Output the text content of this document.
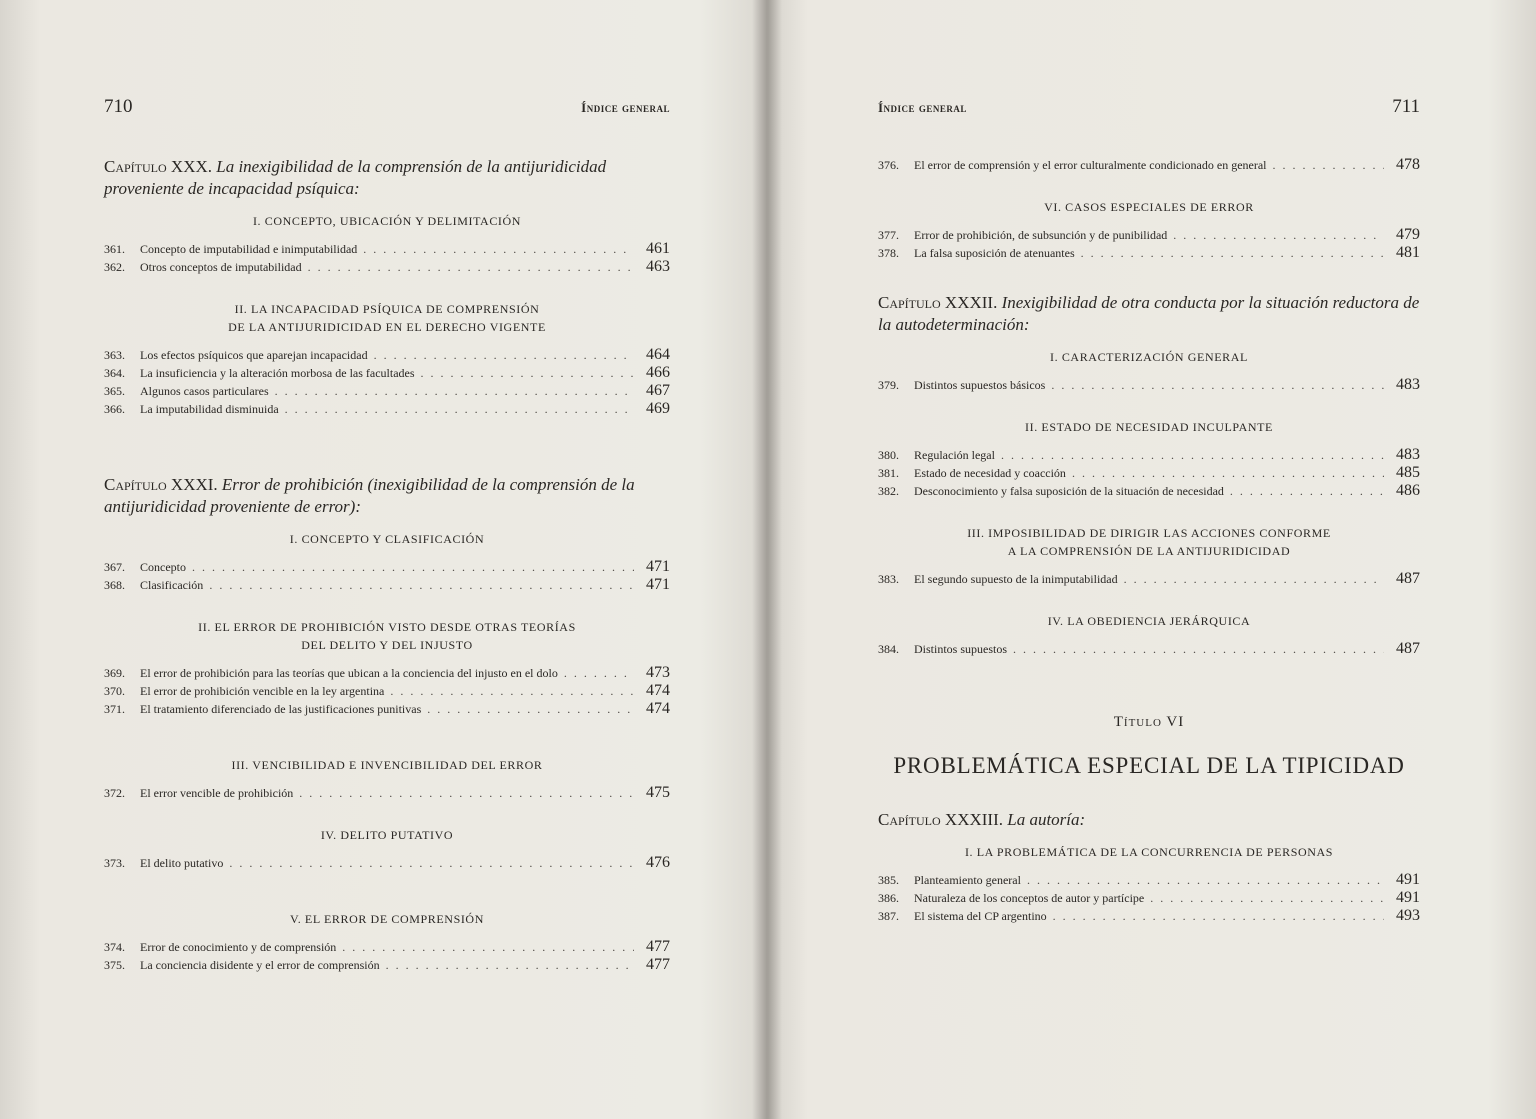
710	Índice general
Capítulo XXX. La inexigibilidad de la comprensión de la antijuridicidad proveniente de incapacidad psíquica:
I. CONCEPTO, UBICACIÓN Y DELIMITACIÓN
361.	Concepto de imputabilidad e inimputabilidad . . .	461
362.	Otros conceptos de imputabilidad . . .	463
II. LA INCAPACIDAD PSÍQUICA DE COMPRENSIÓN
DE LA ANTIJURIDICIDAD EN EL DERECHO VIGENTE
363.	Los efectos psíquicos que aparejan incapacidad . . .	464
364.	La insuficiencia y la alteración morbosa de las facultades . . .	466
365.	Algunos casos particulares . . .	467
366.	La imputabilidad disminuida . . .	469
Capítulo XXXI. Error de prohibición (inexigibilidad de la comprensión de la antijuridicidad proveniente de error):
I. CONCEPTO Y CLASIFICACIÓN
367.	Concepto . . .	471
368.	Clasificación . . .	471
II. EL ERROR DE PROHIBICIÓN VISTO DESDE OTRAS TEORÍAS
DEL DELITO Y DEL INJUSTO
369.	El error de prohibición para las teorías que ubican a la conciencia del injusto en el dolo . . .	473
370.	El error de prohibición vencible en la ley argentina . . .	474
371.	El tratamiento diferenciado de las justificaciones punitivas . . .	474
III. VENCIBILIDAD E INVENCIBILIDAD DEL ERROR
372.	El error vencible de prohibición . . .	475
IV. DELITO PUTATIVO
373.	El delito putativo . . .	476
V. EL ERROR DE COMPRENSIÓN
374.	Error de conocimiento y de comprensión . . .	477
375.	La conciencia disidente y el error de comprensión . . .	477
Índice general	711
376.	El error de comprensión y el error culturalmente condicionado en general . . .	478
VI. CASOS ESPECIALES DE ERROR
377.	Error de prohibición, de subsunción y de punibilidad . . .	479
378.	La falsa suposición de atenuantes . . .	481
Capítulo XXXII. Inexigibilidad de otra conducta por la situación reductora de la autodeterminación:
I. CARACTERIZACIÓN GENERAL
379.	Distintos supuestos básicos . . .	483
II. ESTADO DE NECESIDAD INCULPANTE
380.	Regulación legal . . .	483
381.	Estado de necesidad y coacción . . .	485
382.	Desconocimiento y falsa suposición de la situación de necesidad . . .	486
III. IMPOSIBILIDAD DE DIRIGIR LAS ACCIONES CONFORME
A LA COMPRENSIÓN DE LA ANTIJURIDICIDAD
383.	El segundo supuesto de la inimputabilidad . . .	487
IV. LA OBEDIENCIA JERÁRQUICA
384.	Distintos supuestos . . .	487
Título VI
PROBLEMÁTICA ESPECIAL DE LA TIPICIDAD
Capítulo XXXIII. La autoría:
I. LA PROBLEMÁTICA DE LA CONCURRENCIA DE PERSONAS
385.	Planteamiento general . . .	491
386.	Naturaleza de los conceptos de autor y partícipe . . .	491
387.	El sistema del CP argentino . . .	493
